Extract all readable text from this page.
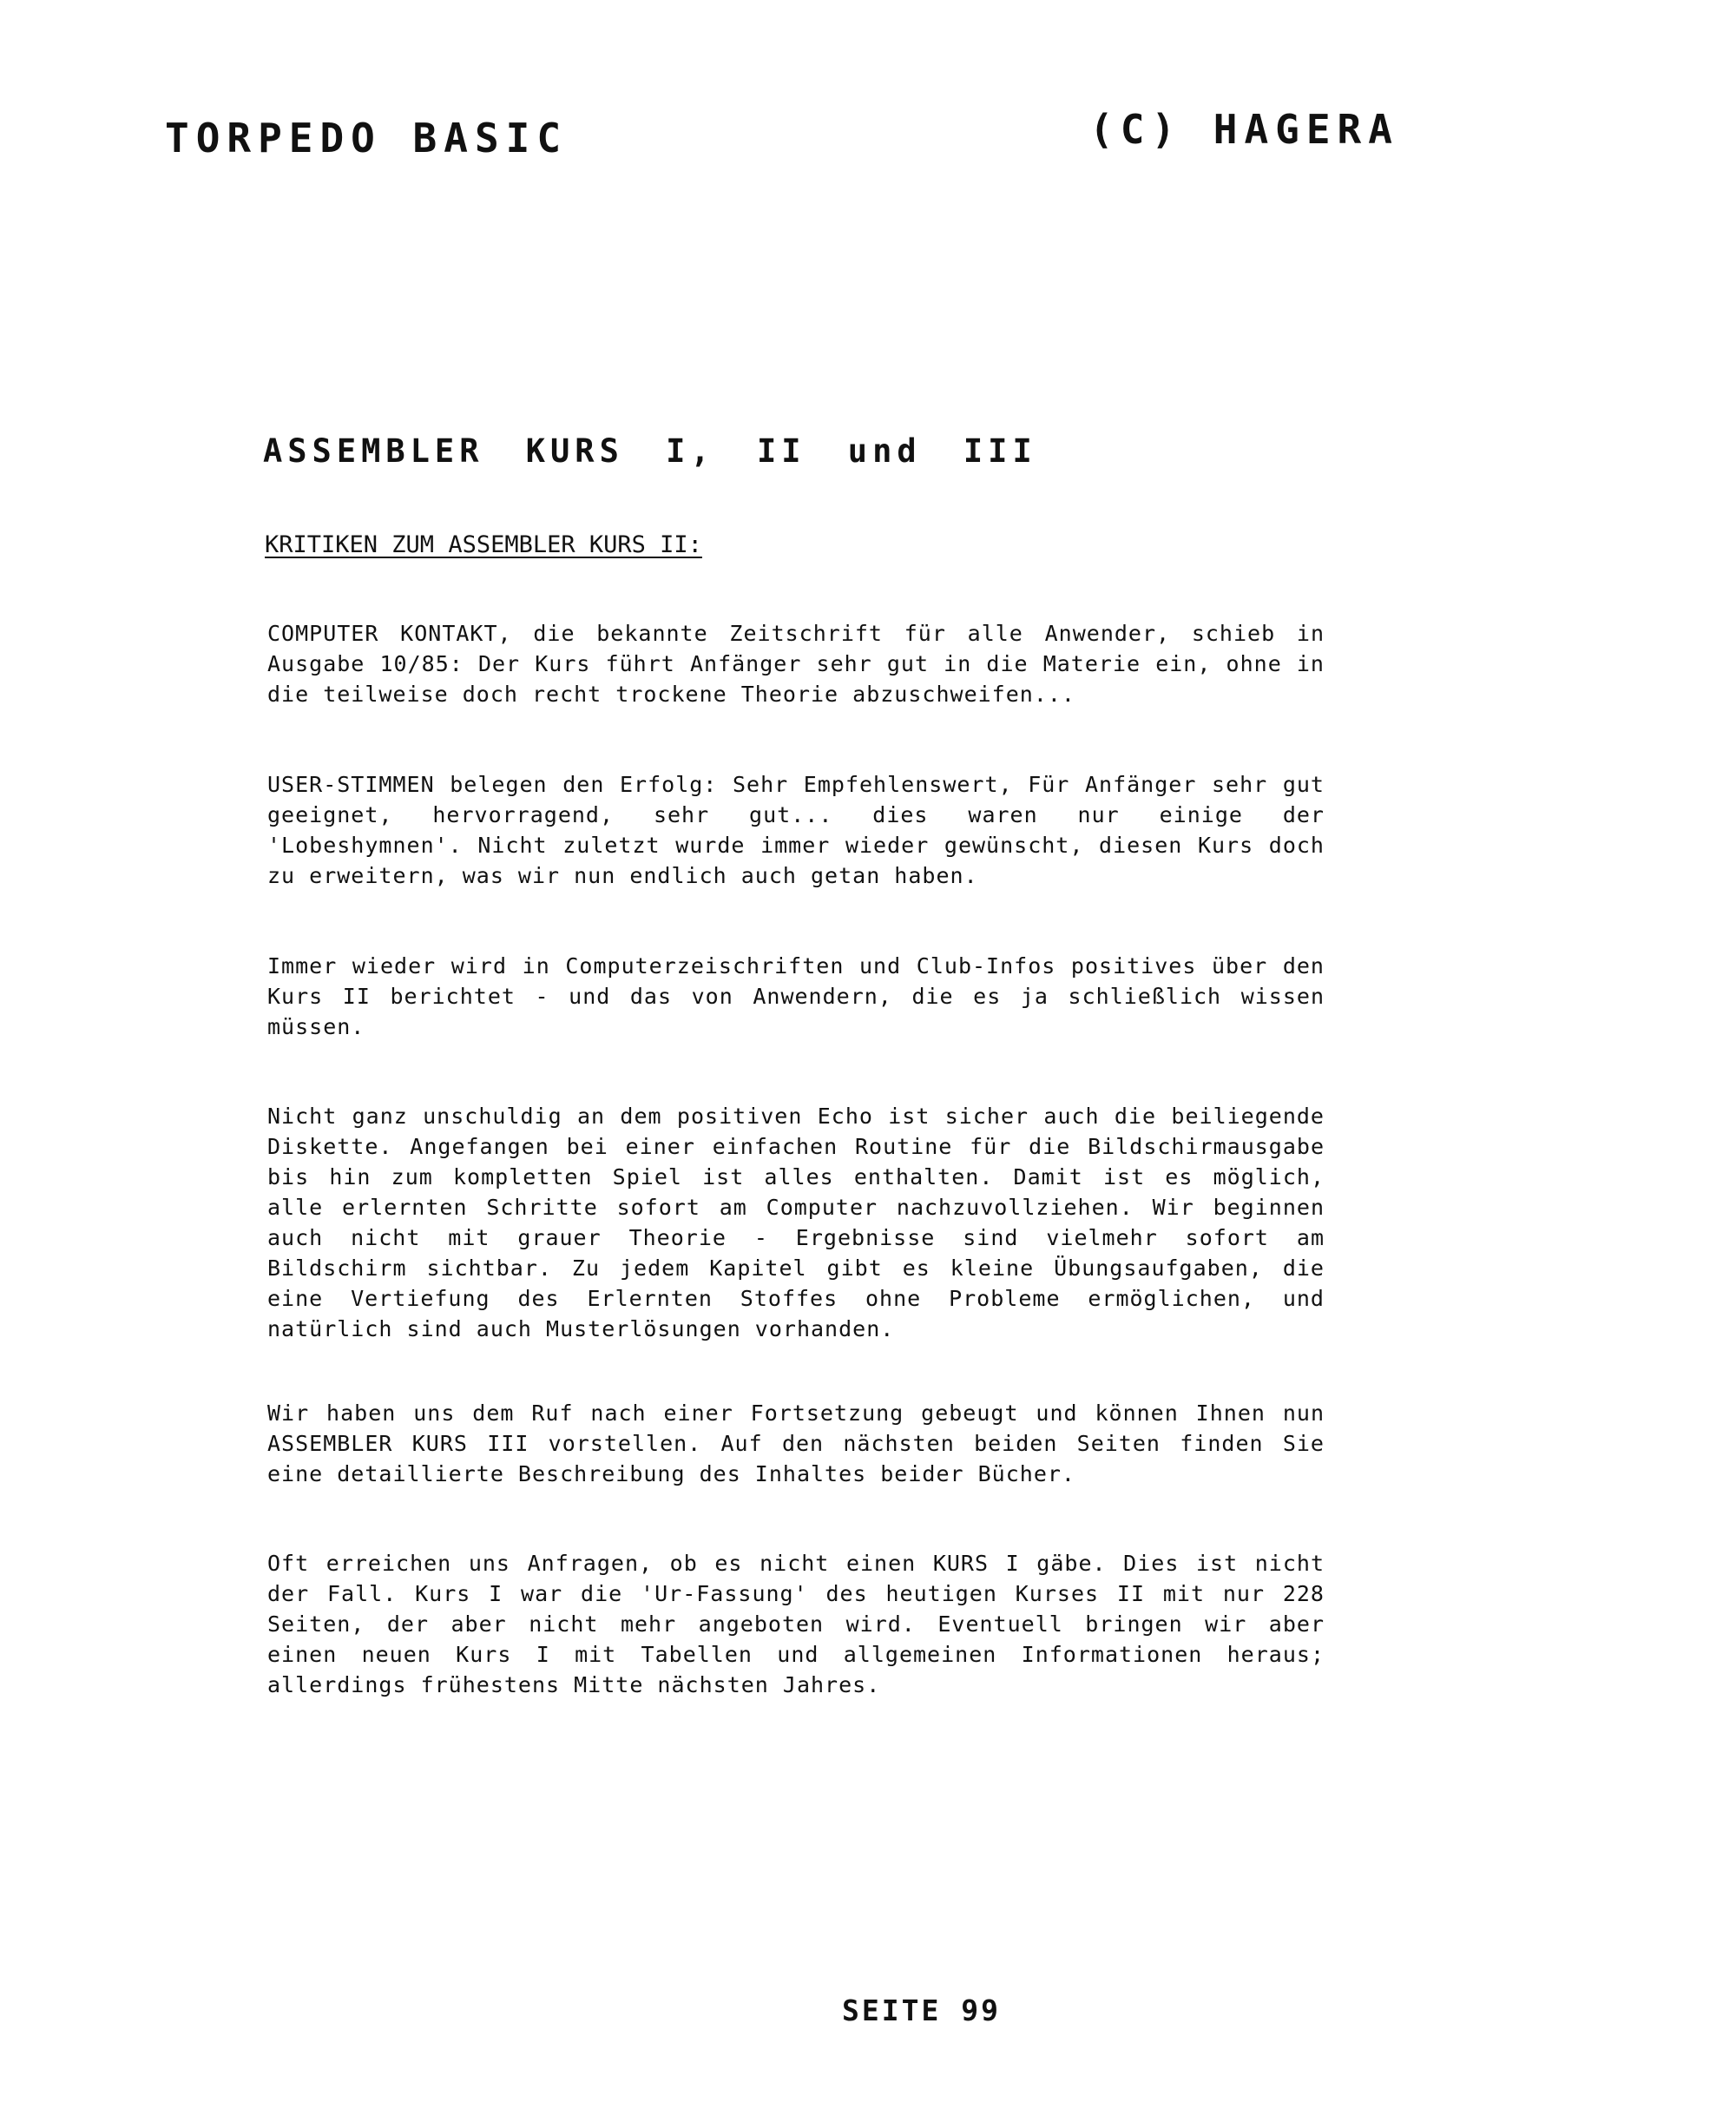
TORPEDO BASIC	(C) HAGERA
ASSEMBLER KURS I, II und III
KRITIKEN ZUM ASSEMBLER KURS II:

COMPUTER KONTAKT, die bekannte Zeitschrift für alle Anwender, schieb in Ausgabe 10/85: Der Kurs führt Anfänger sehr gut in die Materie ein, ohne in die teilweise doch recht trockene Theorie abzuschweifen...

USER-STIMMEN belegen den Erfolg: Sehr Empfehlenswert, Für Anfänger sehr gut geeignet, hervorragend, sehr gut... dies waren nur einige der 'Lobeshymnen'. Nicht zuletzt wurde immer wieder gewünscht, diesen Kurs doch zu erweitern, was wir nun endlich auch getan haben.

Immer wieder wird in Computerzeischriften und Club-Infos positives über den Kurs II berichtet - und das von Anwendern, die es ja schließlich wissen müssen.

Nicht ganz unschuldig an dem positiven Echo ist sicher auch die beiliegende Diskette. Angefangen bei einer einfachen Routine für die Bildschirmausgabe bis hin zum kompletten Spiel ist alles enthalten. Damit ist es möglich, alle erlernten Schritte sofort am Computer nachzuvollziehen. Wir beginnen auch nicht mit grauer Theorie - Ergebnisse sind vielmehr sofort am Bildschirm sichtbar. Zu jedem Kapitel gibt es kleine Übungsaufgaben, die eine Vertiefung des Erlernten Stoffes ohne Probleme ermöglichen, und natürlich sind auch Musterlösungen vorhanden.

Wir haben uns dem Ruf nach einer Fortsetzung gebeugt und können Ihnen nun ASSEMBLER KURS III vorstellen. Auf den nächsten beiden Seiten finden Sie eine detaillierte Beschreibung des Inhaltes beider Bücher.

Oft erreichen uns Anfragen, ob es nicht einen KURS I gäbe. Dies ist nicht der Fall. Kurs I war die 'Ur-Fassung' des heutigen Kurses II mit nur 228 Seiten, der aber nicht mehr angeboten wird. Eventuell bringen wir aber einen neuen Kurs I mit Tabellen und allgemeinen Informationen heraus; allerdings frühestens Mitte nächsten Jahres.

SEITE 99
